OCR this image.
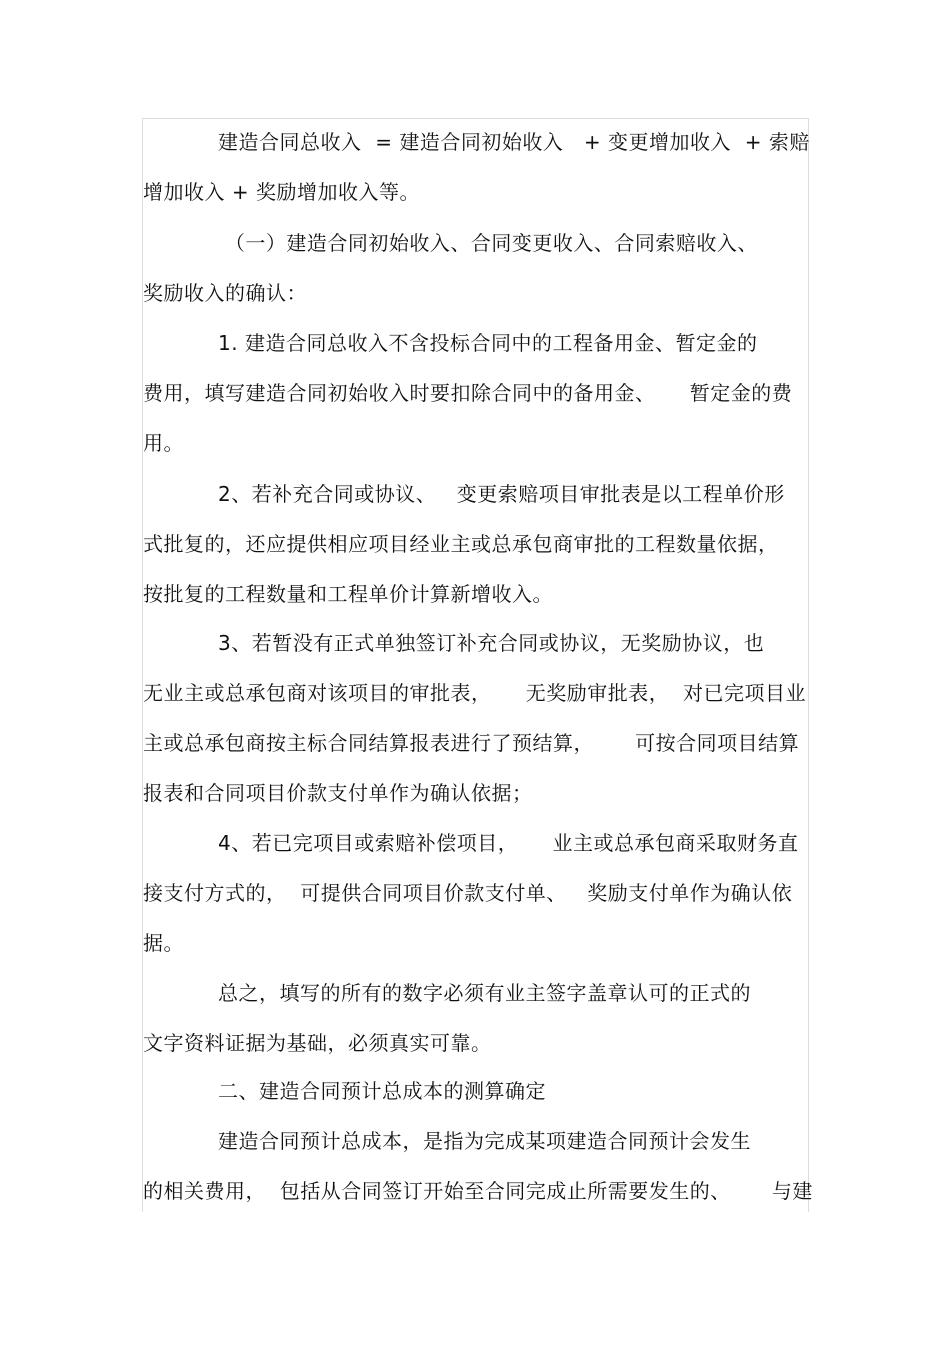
建造合同总收入  = 建造合同初始收入   + 变更增加收入  + 索赔

增加收入 + 奖励增加收入等。

（一）建造合同初始收入、合同变更收入、合同索赔收入、

奖励收入的确认：

1. 建造合同总收入不含投标合同中的工程备用金、暂定金的

费用，填写建造合同初始收入时要扣除合同中的备用金、     暂定金的费

用。

2、若补充合同或协议、   变更索赔项目审批表是以工程单价形

式批复的，还应提供相应项目经业主或总承包商审批的工程数量依据，

按批复的工程数量和工程单价计算新增收入。

3、若暂没有正式单独签订补充合同或协议，无奖励协议，也

无业主或总承包商对该项目的审批表，     无奖励审批表，  对已完项目业

主或总承包商按主标合同结算报表进行了预结算，      可按合同项目结算

报表和合同项目价款支付单作为确认依据；

4、若已完项目或索赔补偿项目，     业主或总承包商采取财务直

接支付方式的，  可提供合同项目价款支付单、   奖励支付单作为确认依

据。

总之，填写的所有的数字必须有业主签字盖章认可的正式的

文字资料证据为基础，必须真实可靠。

二、建造合同预计总成本的测算确定

建造合同预计总成本，是指为完成某项建造合同预计会发生

的相关费用，  包括从合同签订开始至合同完成止所需要发生的、      与建
